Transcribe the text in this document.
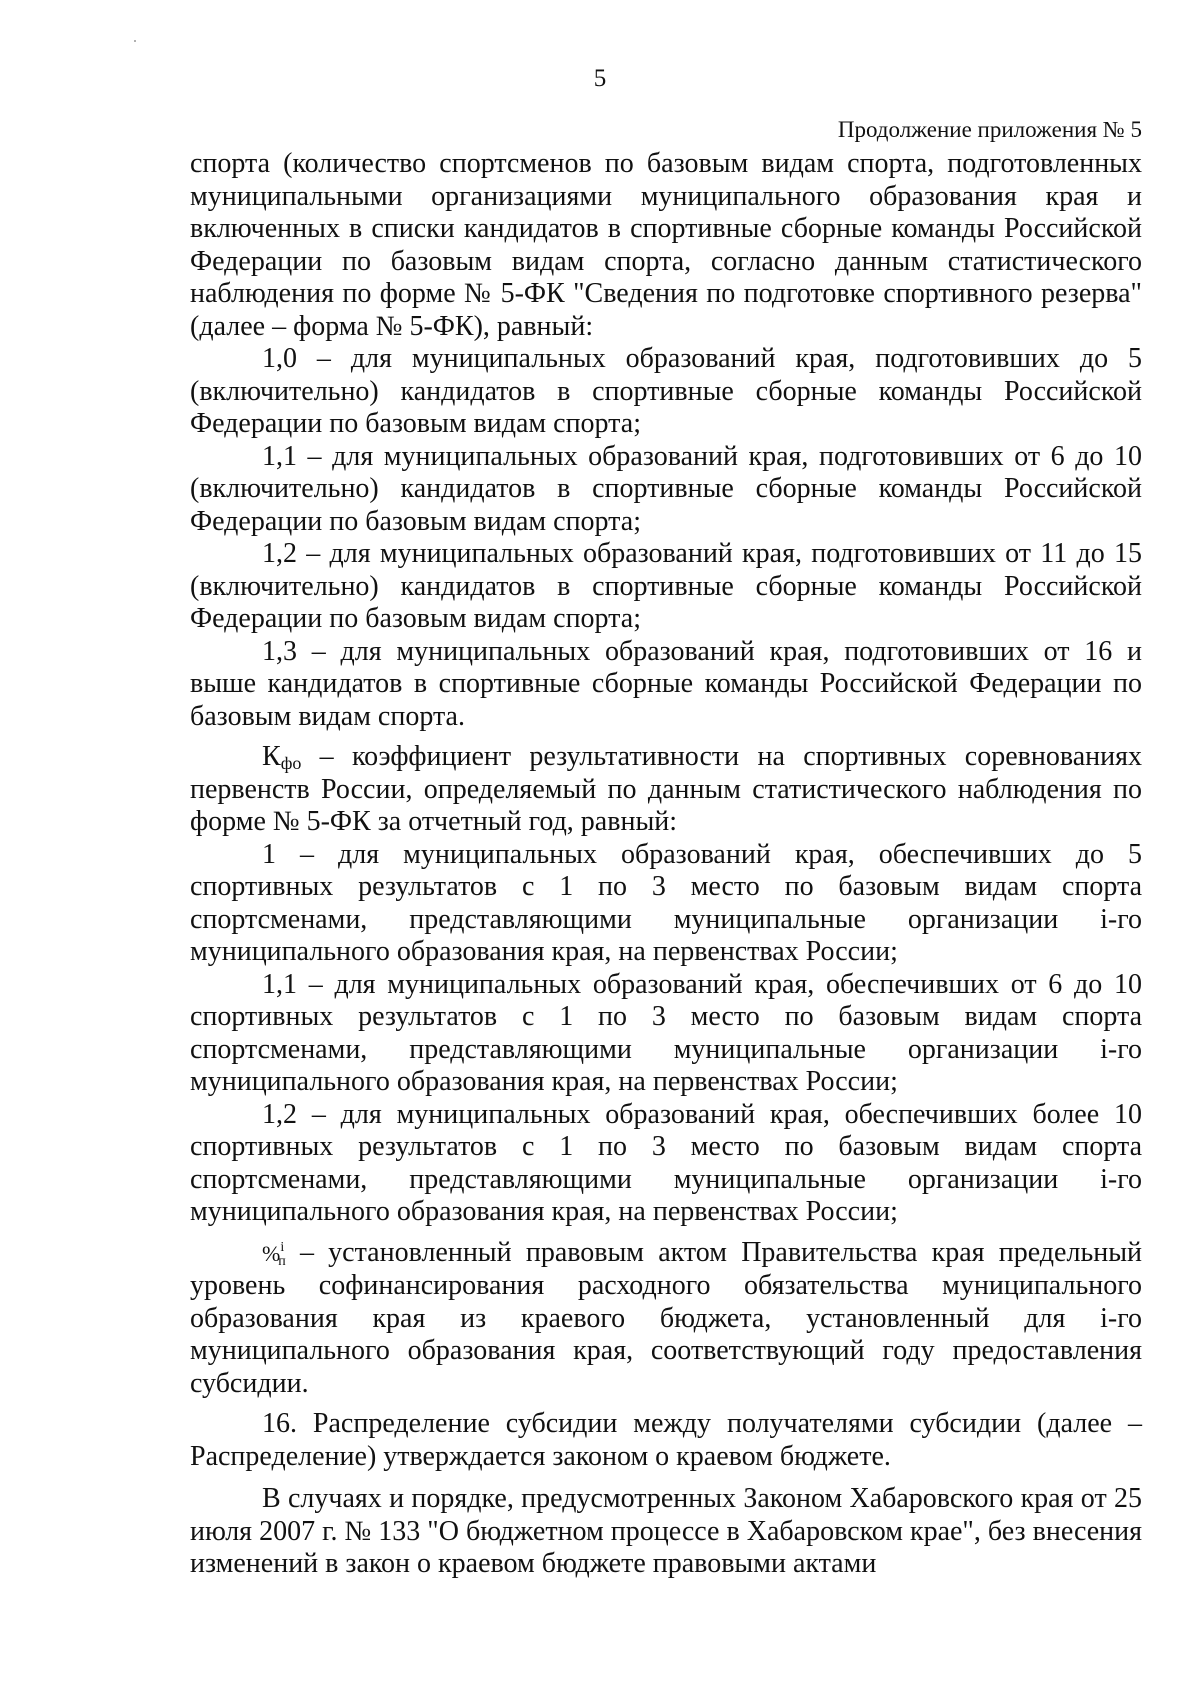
5
Продолжение приложения № 5

спорта (количество спортсменов по базовым видам спорта, подготовленных муниципальными организациями муниципального образования края и включенных в списки кандидатов в спортивные сборные команды Российской Федерации по базовым видам спорта, согласно данным статистического наблюдения по форме № 5-ФК "Сведения по подготовке спортивного резерва" (далее – форма № 5-ФК), равный:

1,0 – для муниципальных образований края, подготовивших до 5 (включительно) кандидатов в спортивные сборные команды Российской Федерации по базовым видам спорта;

1,1 – для муниципальных образований края, подготовивших от 6 до 10 (включительно) кандидатов в спортивные сборные команды Российской Федерации по базовым видам спорта;

1,2 – для муниципальных образований края, подготовивших от 11 до 15 (включительно) кандидатов в спортивные сборные команды Российской Федерации по базовым видам спорта;

1,3 – для муниципальных образований края, подготовивших от 16 и выше кандидатов в спортивные сборные команды Российской Федерации по базовым видам спорта.

$К_{фо}$ – коэффициент результативности на спортивных соревнованиях первенств России, определяемый по данным статистического наблюдения по форме № 5-ФК за отчетный год, равный:

1 – для муниципальных образований края, обеспечивших до 5 спортивных результатов с 1 по 3 место по базовым видам спорта спортсменами, представляющими муниципальные организации i-го муниципального образования края, на первенствах России;

1,1 – для муниципальных образований края, обеспечивших от 6 до 10 спортивных результатов с 1 по 3 место по базовым видам спорта спортсменами, представляющими муниципальные организации i-го муниципального образования края, на первенствах России;

1,2 – для муниципальных образований края, обеспечивших более 10 спортивных результатов с 1 по 3 место по базовым видам спорта спортсменами, представляющими муниципальные организации i-го муниципального образования края, на первенствах России;

%$^i$п – установленный правовым актом Правительства края предельный уровень софинансирования расходного обязательства муниципального образования края из краевого бюджета, установленный для i-го муниципального образования края, соответствующий году предоставления субсидии.

16. Распределение субсидии между получателями субсидии (далее – Распределение) утверждается законом о краевом бюджете.

В случаях и порядке, предусмотренных Законом Хабаровского края от 25 июля 2007 г. № 133 "О бюджетном процессе в Хабаровском крае", без внесения изменений в закон о краевом бюджете правовыми актами
